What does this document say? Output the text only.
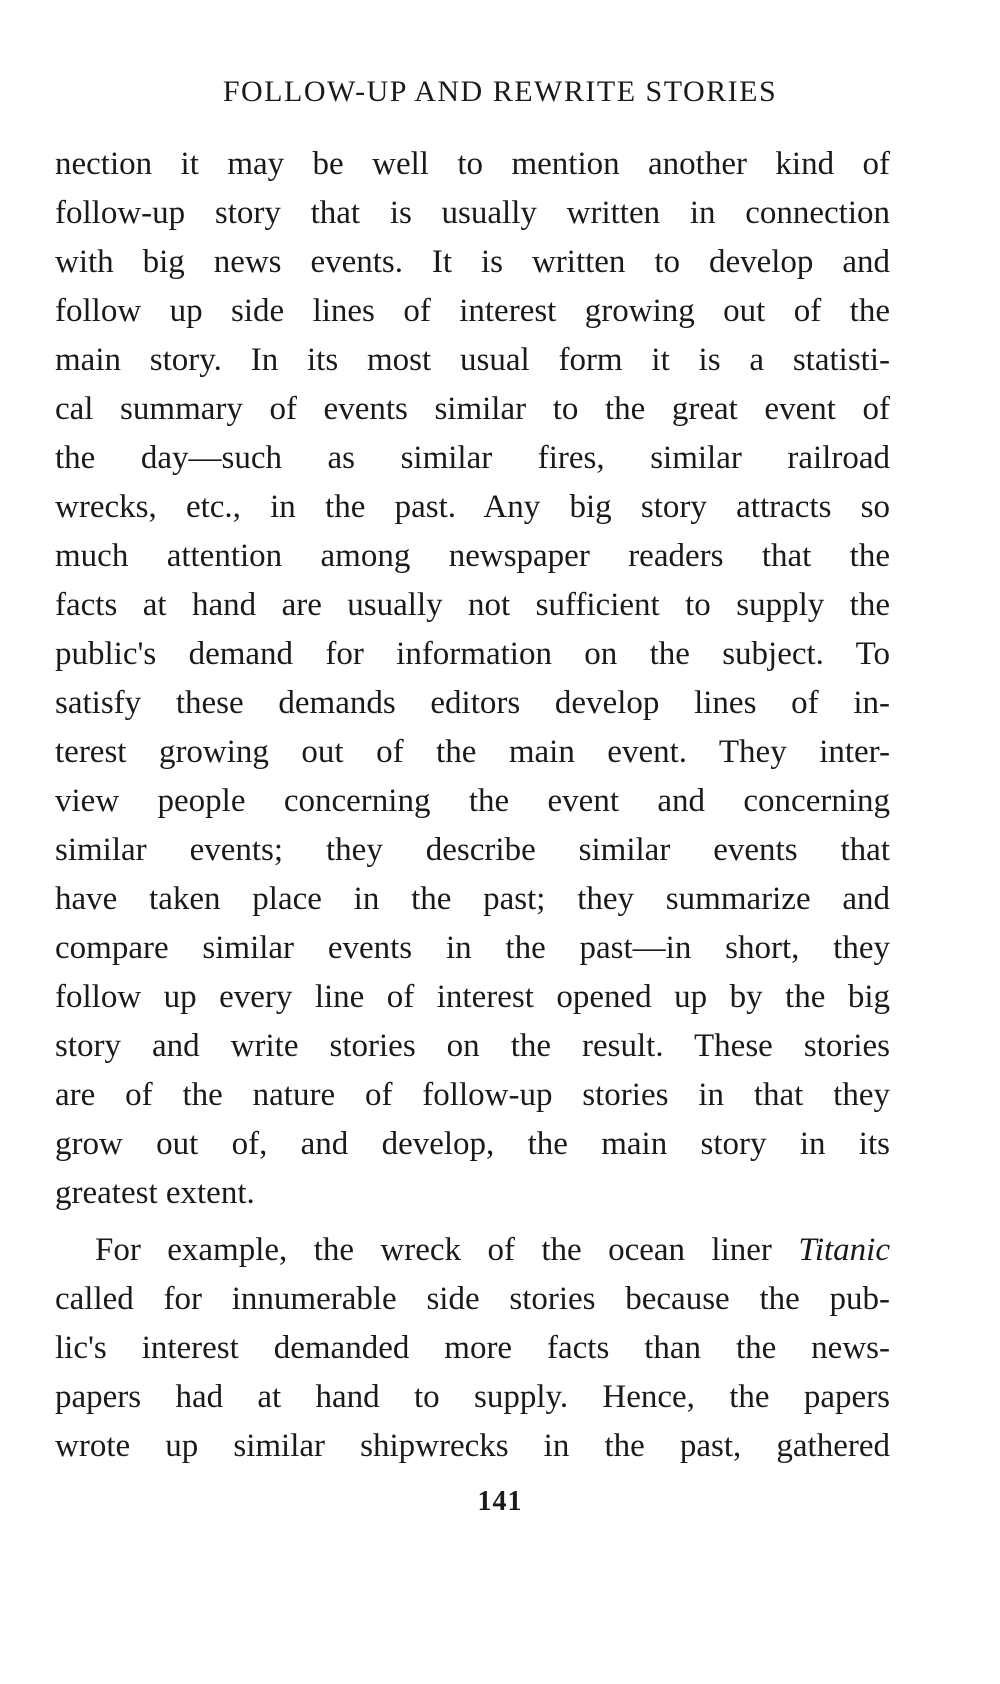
FOLLOW-UP AND REWRITE STORIES
nection it may be well to mention another kind of
follow-up story that is usually written in connection
with big news events. It is written to develop and
follow up side lines of interest growing out of the
main story. In its most usual form it is a statisti-
cal summary of events similar to the great event of
the day—such as similar fires, similar railroad
wrecks, etc., in the past. Any big story attracts so
much attention among newspaper readers that the
facts at hand are usually not sufficient to supply the
public's demand for information on the subject. To
satisfy these demands editors develop lines of in-
terest growing out of the main event. They inter-
view people concerning the event and concerning
similar events; they describe similar events that
have taken place in the past; they summarize and
compare similar events in the past—in short, they
follow up every line of interest opened up by the big
story and write stories on the result. These stories
are of the nature of follow-up stories in that they
grow out of, and develop, the main story in its
greatest extent.
For example, the wreck of the ocean liner Titanic
called for innumerable side stories because the pub-
lic's interest demanded more facts than the news-
papers had at hand to supply. Hence, the papers
wrote up similar shipwrecks in the past, gathered
141
